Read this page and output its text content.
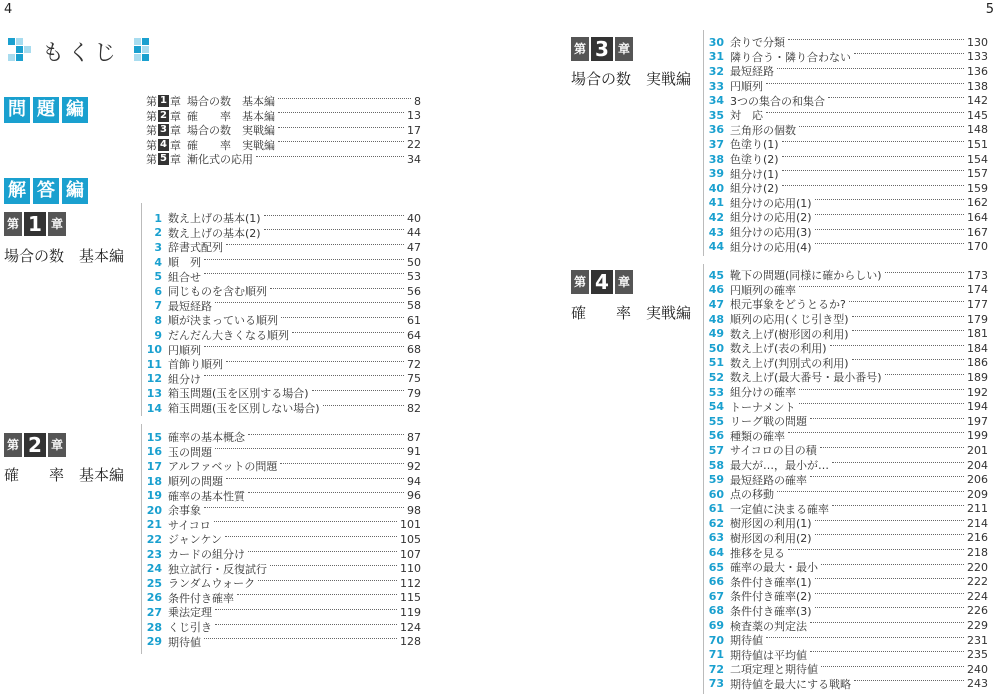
4	5
もくじ
問 題 編	第 1 章 場合の数　基本編	8
第 2 章 確　　率　基本編	13
第 3 章 場合の数　実戦編	17
第 4 章 確　　率　実戦編	22
第 5 章 漸化式の応用	34
解 答 編
第 1 章
場合の数　基本編
1 数え上げの基本(1)	40
2 数え上げの基本(2)	44
3 辞書式配列	47
4 順　列	50
5 組合せ	53
6 同じものを含む順列	56
7 最短経路	58
8 順が決まっている順列	61
9 だんだん大きくなる順列	64
10 円順列	68
11 首飾り順列	72
12 組分け	75
13 箱玉問題(玉を区別する場合)	79
14 箱玉問題(玉を区別しない場合)	82
第 2 章
確　　率　基本編
15 確率の基本概念	87
16 玉の問題	91
17 アルファベットの問題	92
18 順列の問題	94
19 確率の基本性質	96
20 余事象	98
21 サイコロ	101
22 ジャンケン	105
23 カードの組分け	107
24 独立試行・反復試行	110
25 ランダムウォーク	112
26 条件付き確率	115
27 乗法定理	119
28 くじ引き	124
29 期待値	128
第 3 章
場合の数　実戦編
30 余りで分類	130
31 隣り合う・隣り合わない	133
32 最短経路	136
33 円順列	138
34 3つの集合の和集合	142
35 対　応	145
36 三角形の個数	148
37 色塗り(1)	151
38 色塗り(2)	154
39 組分け(1)	157
40 組分け(2)	159
41 組分けの応用(1)	162
42 組分けの応用(2)	164
43 組分けの応用(3)	167
44 組分けの応用(4)	170
第 4 章
確　　率　実戦編
45 靴下の問題(同様に確からしい)	173
46 円順列の確率	174
47 根元事象をどうとるか?	177
48 順列の応用(くじ引き型)	179
49 数え上げ(樹形図の利用)	181
50 数え上げ(表の利用)	184
51 数え上げ(判別式の利用)	186
52 数え上げ(最大番号・最小番号)	189
53 組分けの確率	192
54 トーナメント	194
55 リーグ戦の問題	197
56 種類の確率	199
57 サイコロの目の積	201
58 最大が…，最小が…	204
59 最短経路の確率	206
60 点の移動	209
61 一定値に決まる確率	211
62 樹形図の利用(1)	214
63 樹形図の利用(2)	216
64 推移を見る	218
65 確率の最大・最小	220
66 条件付き確率(1)	222
67 条件付き確率(2)	224
68 条件付き確率(3)	226
69 検査薬の判定法	229
70 期待値	231
71 期待値は平均値	235
72 二項定理と期待値	240
73 期待値を最大にする戦略	243
